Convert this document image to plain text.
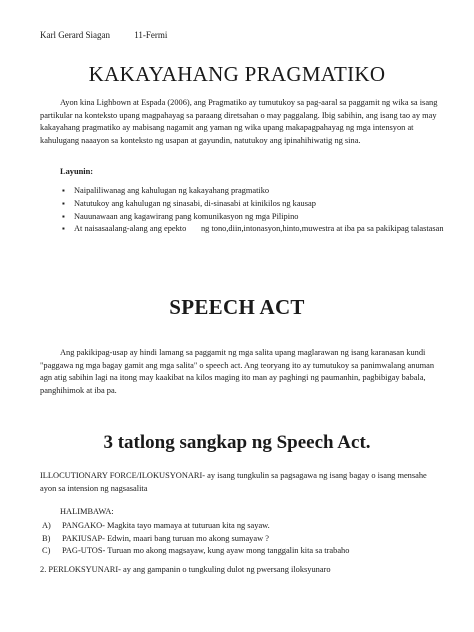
Karl Gerard Siagan	11-Fermi
KAKAYAHANG PRAGMATIKO

Ayon kina Lighbown at Espada (2006), ang Pragmatiko ay tumutukoy sa pag-aaral sa paggamit ng wika sa isang partikular na konteksto upang magpahayag sa paraang diretsahan o may paggalang. Ibig sabihin, ang isang tao ay may kakayahang pragmatiko ay mabisang nagamit ang yaman ng wika upang makapagpahayag ng mga intensyon at kahulugang naaayon sa konteksto ng usapan at gayundin, natutukoy ang ipinahihiwatig ng sina.

Layunin:

▪ Naipaliliwanag ang kahulugan ng kakayahang pragmatiko
▪ Natutukoy ang kahulugan ng sinasabi, di-sinasabi at kinikilos ng kausap
▪ Nauunawaan ang kagawirang pang komunikasyon ng mga Pilipino
▪ At naisasaalang-alang ang epekto       ng tono,diin,intonasyon,hinto,muwestra at iba pa sa pakikipag talastasan
SPEECH ACT

Ang pakikipag-usap ay hindi lamang sa paggamit ng mga salita upang maglarawan ng isang karanasan kundi "paggawa ng mga bagay gamit ang mga salita" o speech act. Ang teoryang ito ay tumutukoy sa panimwalang anuman agn atig sabihin lagi na itong may kaakibat na kilos maging ito man ay paghingi ng paumanhin, pagbibigay babala, panghihimok at iba pa.

3 tatlong sangkap ng Speech Act.

ILLOCUTIONARY FORCE/ILOKUSYONARI- ay isang tungkulin sa pagsagawa ng isang bagay o isang mensahe ayon sa intension ng nagsasalita

HALIMBAWA:

A) PANGAKO- Magkita tayo mamaya at tuturuan kita ng sayaw.
B) PAKIUSAP- Edwin, maari bang turuan mo akong sumayaw ?
C) PAG-UTOS- Turuan mo akong magsayaw, kung ayaw mong tanggalin kita sa trabaho

2. PERLOKSYUNARI- ay ang gampanin o tungkuling dulot ng pwersang iloksyunaro
